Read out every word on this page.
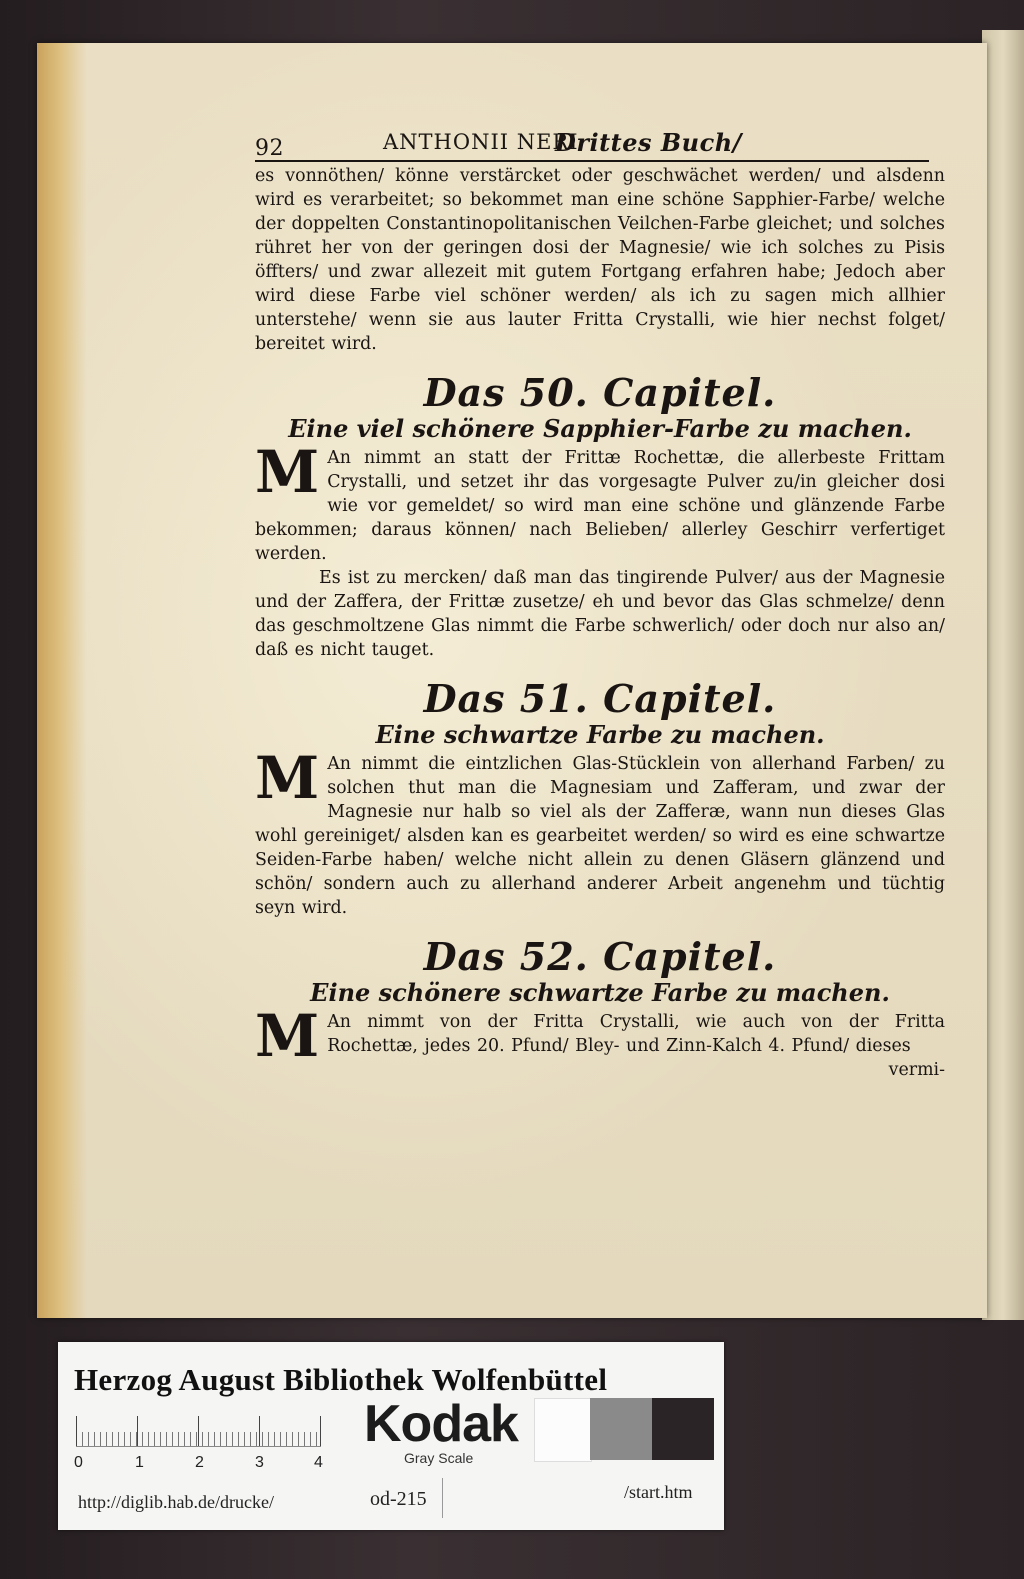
92	ANTHONII NERI
Drittes Buch/

es vonnöthen/ könne verstärcket oder geschwächet werden/ und alsdenn wird es verarbeitet; so bekommet man eine schöne Sapphier-Farbe/ welche der doppelten Constantinopolitanischen Veilchen-Farbe gleichet; und solches rühret her von der geringen dosi der Magnesie/ wie ich solches zu Pisis öffters/ und zwar allezeit mit gutem Fortgang erfahren habe; Jedoch aber wird diese Farbe viel schöner werden/ als ich zu sagen mich allhier unterstehe/ wenn sie aus lauter Fritta Crystalli, wie hier nechst folget/ bereitet wird.

Das 50. Capitel.
Eine viel schönere Sapphier-Farbe zu machen.

M An nimmt an statt der Frittæ Rochettæ, die allerbeste Frittam Crystalli, und setzet ihr das vorgesagte Pulver zu/in gleicher dosi wie vor gemeldet/ so wird man eine schöne und glänzende Farbe bekommen; daraus können/ nach Belieben/ allerley Geschirr verfertiget werden.

Es ist zu mercken/ daß man das tingirende Pulver/ aus der Magnesie und der Zaffera, der Frittæ zusetze/ eh und bevor das Glas schmelze/ denn das geschmoltzene Glas nimmt die Farbe schwerlich/ oder doch nur also an/ daß es nicht tauget.

Das 51. Capitel.
Eine schwartze Farbe zu machen.

M An nimmt die eintzlichen Glas-Stücklein von allerhand Farben/ zu solchen thut man die Magnesiam und Zafferam, und zwar der Magnesie nur halb so viel als der Zafferæ, wann nun dieses Glas wohl gereiniget/ alsden kan es gearbeitet werden/ so wird es eine schwartze Seiden-Farbe haben/ welche nicht allein zu denen Gläsern glänzend und schön/ sondern auch zu allerhand anderer Arbeit angenehm und tüchtig seyn wird.

Das 52. Capitel.
Eine schönere schwartze Farbe zu machen.

M An nimmt von der Fritta Crystalli, wie auch von der Fritta Rochettæ, jedes 20. Pfund/ Bley- und Zinn-Kalch 4. Pfund/ dieses

vermi-

Herzog August Bibliothek Wolfenbüttel
0	1	2	3	4
Kodak
Gray Scale
http://diglib.hab.de/drucke/	od-215	/start.htm
